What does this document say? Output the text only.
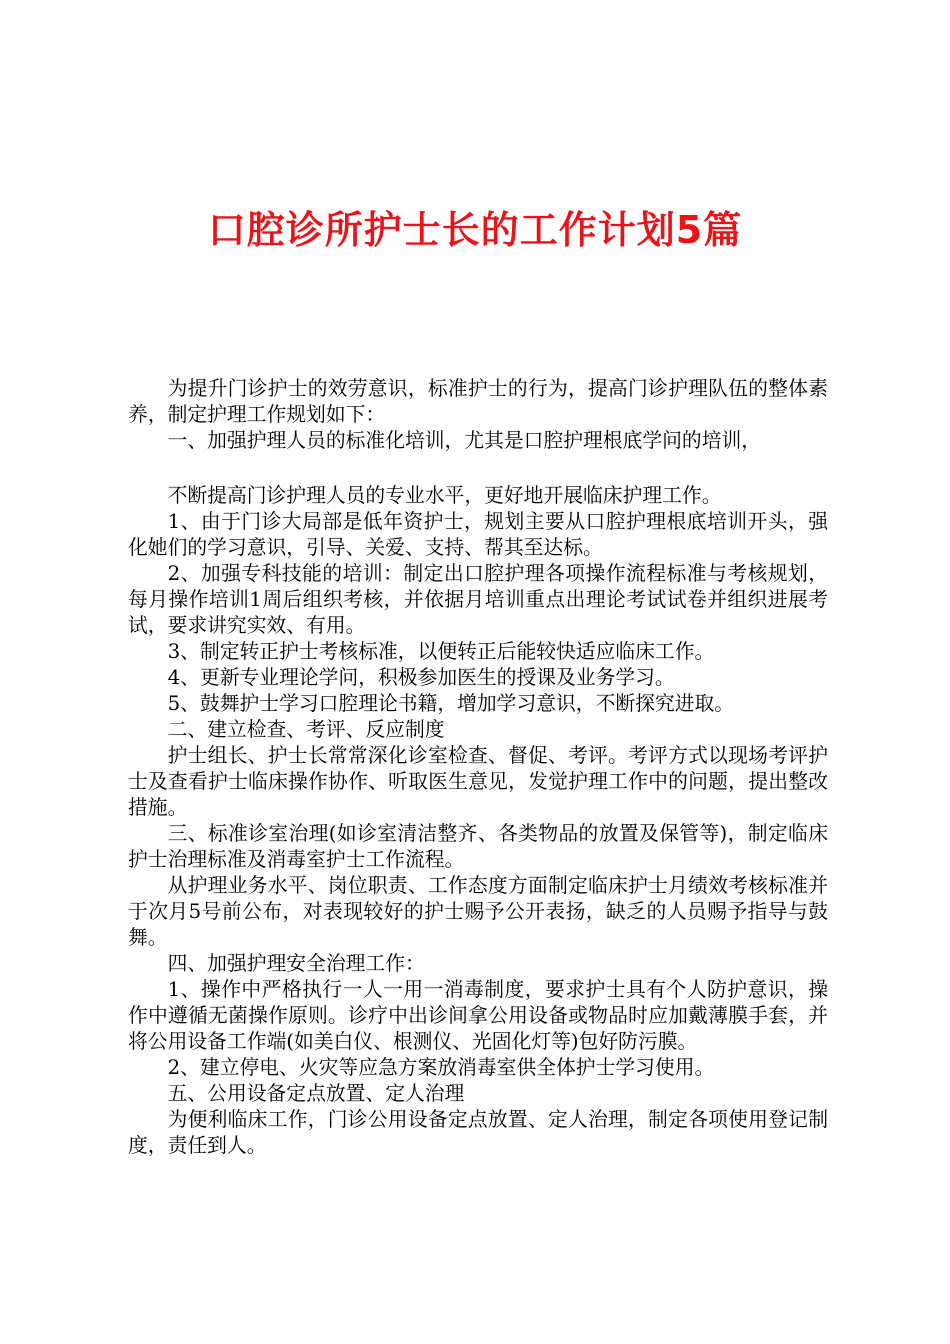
口腔诊所护士长的工作计划5篇

为提升门诊护士的效劳意识，标准护士的行为，提高门诊护理队伍的整体素养，制定护理工作规划如下：

一、加强护理人员的标准化培训，尤其是口腔护理根底学问的培训，

不断提高门诊护理人员的专业水平，更好地开展临床护理工作。

1、由于门诊大局部是低年资护士，规划主要从口腔护理根底培训开头，强化她们的学习意识，引导、关爱、支持、帮其至达标。

2、加强专科技能的培训：制定出口腔护理各项操作流程标准与考核规划，每月操作培训1周后组织考核，并依据月培训重点出理论考试试卷并组织进展考试，要求讲究实效、有用。

3、制定转正护士考核标准，以便转正后能较快适应临床工作。

4、更新专业理论学问，积极参加医生的授课及业务学习。

5、鼓舞护士学习口腔理论书籍，增加学习意识，不断探究进取。

二、建立检查、考评、反应制度

护士组长、护士长常常深化诊室检查、督促、考评。考评方式以现场考评护士及查看护士临床操作协作、听取医生意见，发觉护理工作中的问题，提出整改措施。

三、标准诊室治理(如诊室清洁整齐、各类物品的放置及保管等)，制定临床护士治理标准及消毒室护士工作流程。

从护理业务水平、岗位职责、工作态度方面制定临床护士月绩效考核标准并于次月5号前公布，对表现较好的护士赐予公开表扬，缺乏的人员赐予指导与鼓舞。

四、加强护理安全治理工作：

1、操作中严格执行一人一用一消毒制度，要求护士具有个人防护意识，操作中遵循无菌操作原则。诊疗中出诊间拿公用设备或物品时应加戴薄膜手套，并将公用设备工作端(如美白仪、根测仪、光固化灯等)包好防污膜。

2、建立停电、火灾等应急方案放消毒室供全体护士学习使用。

五、公用设备定点放置、定人治理

为便利临床工作，门诊公用设备定点放置、定人治理，制定各项使用登记制度，责任到人。
